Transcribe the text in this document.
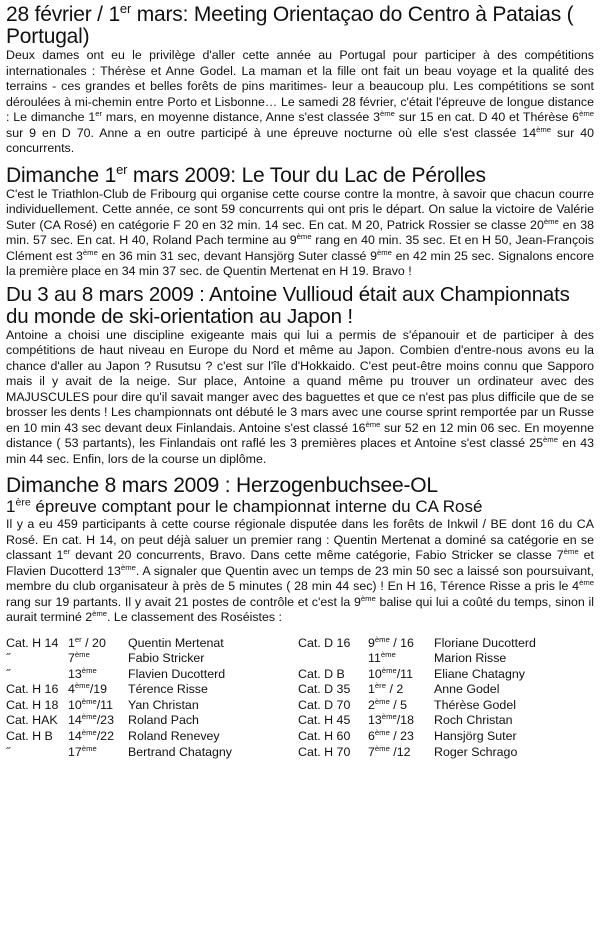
28 février / 1er mars: Meeting Orientaçao do Centro à Pataias ( Portugal)

Deux dames ont eu le privilège d'aller cette année au Portugal pour participer à des compétitions internationales : Thérèse et Anne Godel. La maman et la fille ont fait un beau voyage et la qualité des terrains - ces grandes et belles forêts de pins maritimes- leur a beaucoup plu. Les compétitions se sont déroulées à mi-chemin entre Porto et Lisbonne… Le samedi 28 février, c'était l'épreuve de longue distance : Le dimanche 1er mars, en moyenne distance, Anne s'est classée 3ème sur 15 en cat. D 40 et Thérèse 6ème sur 9 en D 70. Anne a en outre participé à une épreuve nocturne où elle s'est classée 14ème sur 40 concurrents.

Dimanche 1er mars 2009: Le Tour du Lac de Pérolles

C'est le Triathlon-Club de Fribourg qui organise cette course contre la montre, à savoir que chacun courre individuellement. Cette année, ce sont 59 concurrents qui ont pris le départ. On salue la victoire de Valérie Suter (CA Rosé) en catégorie F 20 en 32 min. 14 sec. En cat. M 20, Patrick Rossier se classe 20ème en 38 min. 57 sec. En cat. H 40, Roland Pach termine au 9ème rang en 40 min. 35 sec. Et en H 50, Jean-François Clément est 3ème en 36 min 31 sec, devant Hansjörg Suter classé 9ème en 42 min 25 sec. Signalons encore la première place en 34 min 37 sec. de Quentin Mertenat en H 19. Bravo !

Du 3 au 8 mars 2009 : Antoine Vullioud était aux Championnats du monde de ski-orientation au Japon !

Antoine a choisi une discipline exigeante mais qui lui a permis de s'épanouir et de participer à des compétitions de haut niveau en Europe du Nord et même au Japon. Combien d'entre-nous avons eu la chance d'aller au Japon ? Rusutsu ? c'est sur l'île d'Hokkaido. C'est peut-être moins connu que Sapporo mais il y avait de la neige. Sur place, Antoine a quand même pu trouver un ordinateur avec des MAJUSCULES pour dire qu'il savait manger avec des baguettes et que ce n'est pas plus difficile que de se brosser les dents ! Les championnats ont débuté le 3 mars avec une course sprint remportée par un Russe en 10 min 43 sec devant deux Finlandais. Antoine s'est classé 16ème sur 52 en 12 min 06 sec. En moyenne distance ( 53 partants), les Finlandais ont raflé les 3 premières places et Antoine s'est classé 25ème en 43 min 44 sec. Enfin, lors de la course un diplôme.

Dimanche 8 mars 2009 : Herzogenbuchsee-OL
1ère épreuve comptant pour le championnat interne du CA Rosé

Il y a eu 459 participants à cette course régionale disputée dans les forêts de Inkwil / BE dont 16 du CA Rosé. En cat. H 14, on peut déjà saluer un premier rang : Quentin Mertenat a dominé sa catégorie en se classant 1er devant 20 concurrents, Bravo. Dans cette même catégorie, Fabio Stricker se classe 7ème et Flavien Ducotterd 13ème. A signaler que Quentin avec un temps de 23 min 50 sec a laissé son poursuivant, membre du club organisateur à près de 5 minutes ( 28 min 44 sec) ! En H 16, Térence Risse a pris le 4ème rang sur 19 partants. Il y avait 21 postes de contrôle et c'est la 9ème balise qui lui a coûté du temps, sinon il aurait terminé 2ème. Le classement des Roséistes :

Cat. H 14	1er / 20	Quentin Mertenat	Cat. D 16	9ème / 16	Floriane Ducotterd
˝	7ème	Fabio Stricker		11ème	Marion Risse
˝	13ème	Flavien Ducotterd	Cat. D B	10ème/11	Eliane Chatagny
Cat. H 16	4ème/19	Térence Risse	Cat. D 35	1ère / 2	Anne Godel
Cat. H 18	10ème/11	Yan Christan	Cat. D 70	2ème / 5	Thérèse Godel
Cat. HAK	14ème/23	Roland Pach	Cat. H 45	13ème/18	Roch Christan
Cat. H B	14ème/22	Roland Renevey	Cat. H 60	6ème / 23	Hansjörg Suter
˝	17ème	Bertrand Chatagny	Cat. H 70	7ème /12	Roger Schrago
